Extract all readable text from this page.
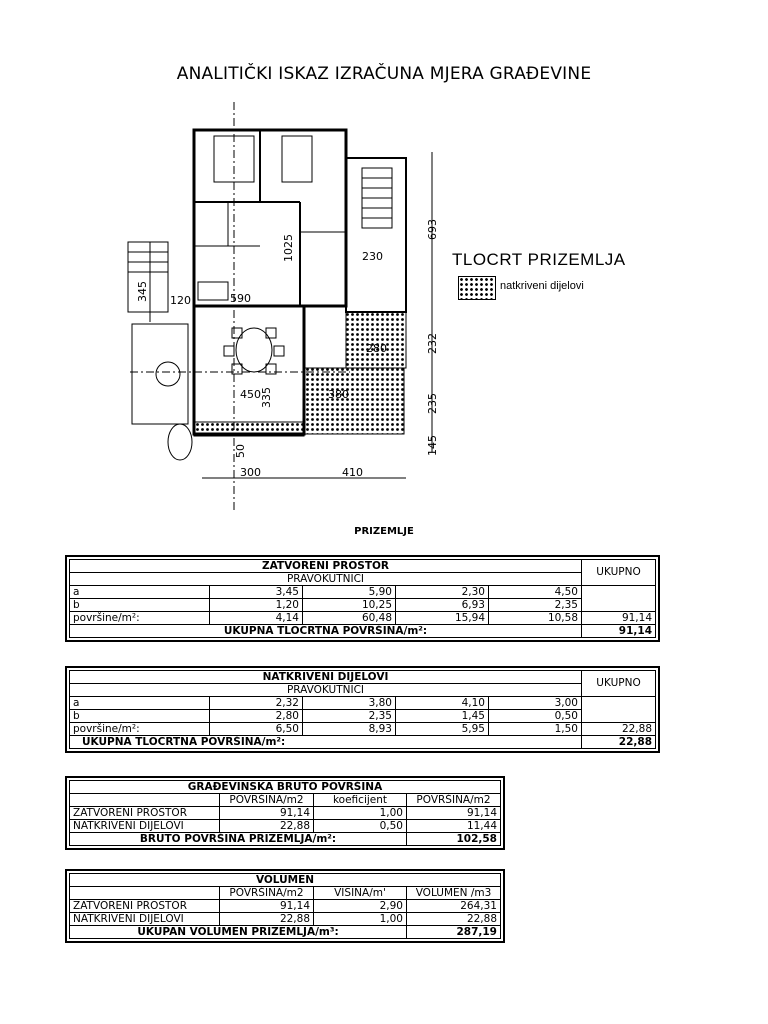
ANALITIČKI ISKAZ IZRAČUNA MJERA GRAĐEVINE
693
345
232
235
145
1025	230
120	590
280
450	380
335
300	410
50
TLOCRT PRIZEMLJA
natkriveni dijelovi
PRIZEMLJE
ZATVORENI PROSTOR					UKUPNO
PRAVOKUTNICI					
a	3,45	5,90	2,30	4,50	
b	1,20	10,25	6,93	2,35	
površine/m²:	4,14	60,48	15,94	10,58	91,14
UKUPNA TLOCRTNA POVRŠINA/m²:					91,14
NATKRIVENI DIJELOVI					UKUPNO
PRAVOKUTNICI					
a	2,32	3,80	4,10	3,00	
b	2,80	2,35	1,45	0,50	
površine/m²:	6,50	8,93	5,95	1,50	22,88
UKUPNA TLOCRTNA POVRŠINA/m²:					22,88
GRAĐEVINSKA BRUTO POVRŠINA			
	POVRŠINA/m2	koeficijent	POVRŠINA/m2
ZATVORENI PROSTOR	91,14	1,00	91,14
NATKRIVENI DIJELOVI	22,88	0,50	11,44
BRUTO POVRŠINA PRIZEMLJA/m²:			102,58
VOLUMEN			
	POVRŠINA/m2	VISINA/m'	VOLUMEN /m3
ZATVORENI PROSTOR	91,14	2,90	264,31
NATKRIVENI DIJELOVI	22,88	1,00	22,88
UKUPAN VOLUMEN PRIZEMLJA/m³:			287,19
